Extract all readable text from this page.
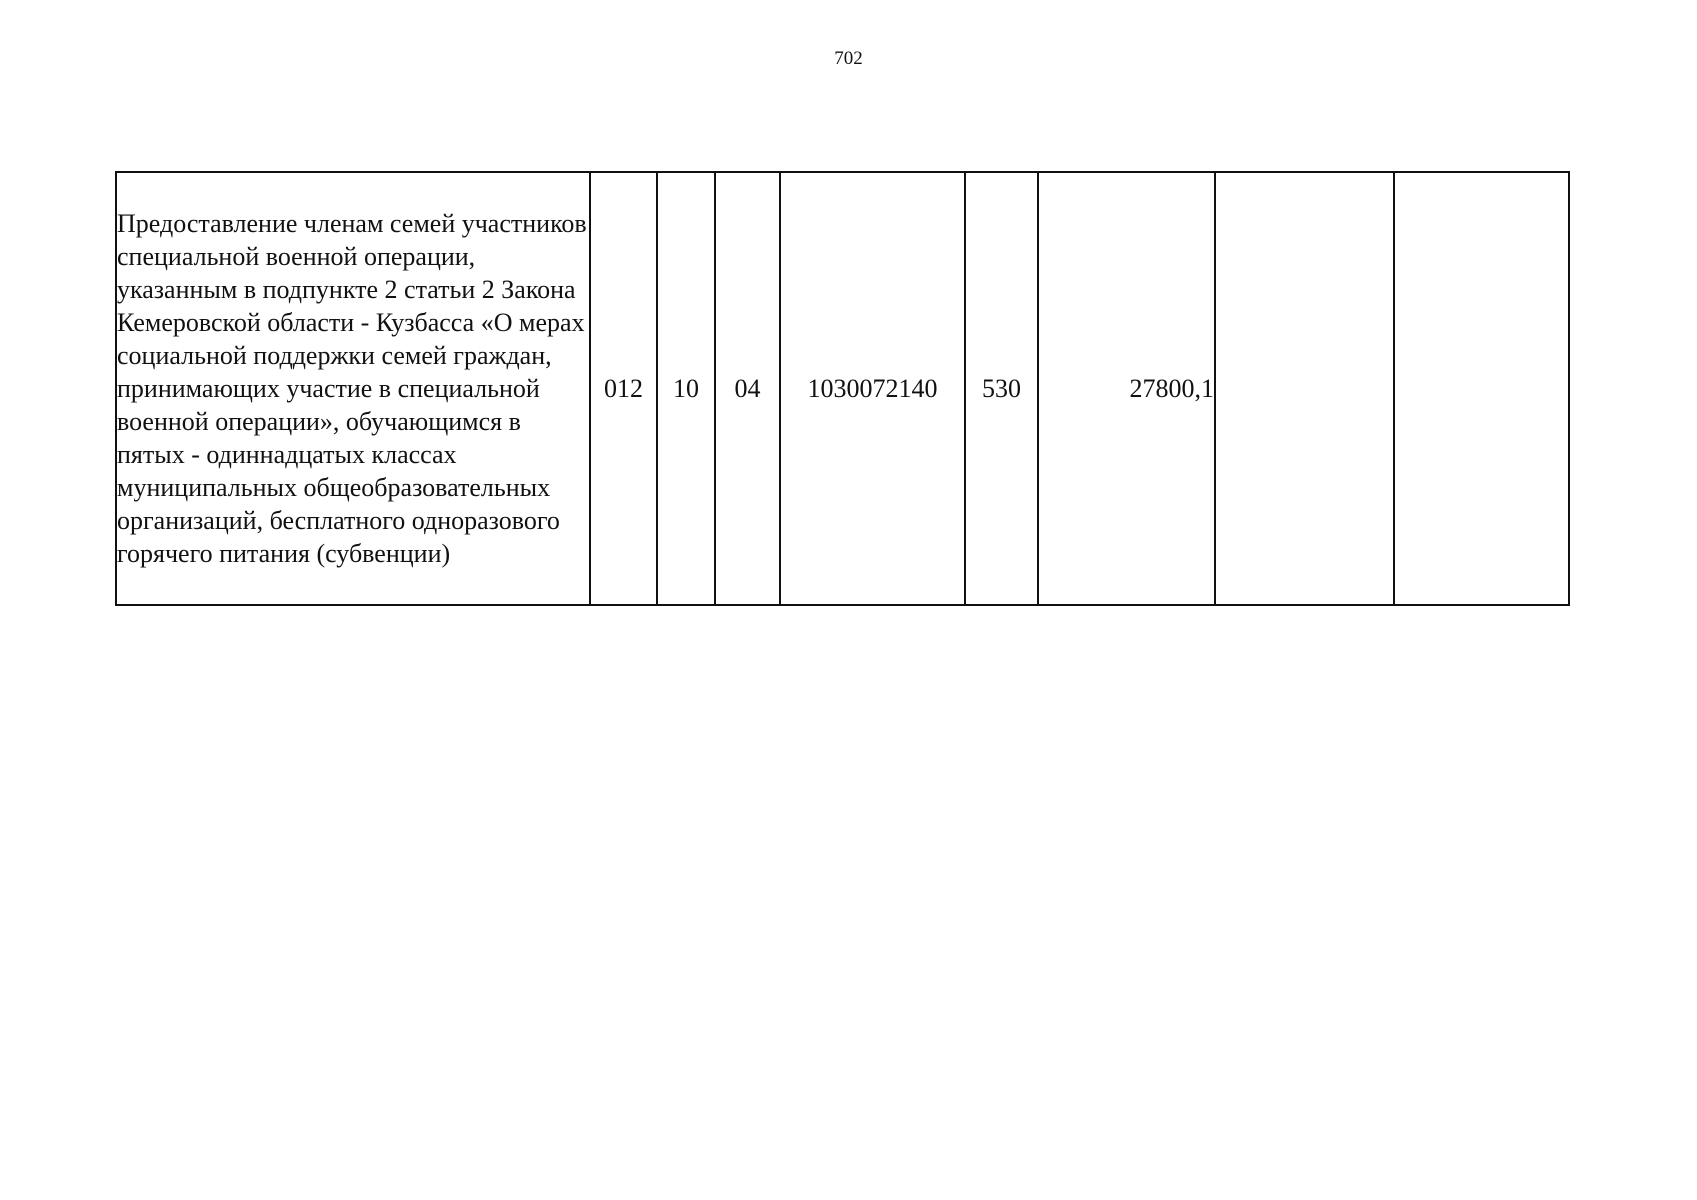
702
Предоставление членам семей участников специальной военной операции, указанным в подпункте 2 статьи 2 Закона Кемеровской области - Кузбасса «О мерах социальной поддержки семей граждан, принимающих участие в специальной военной операции», обучающимся в пятых - одиннадцатых классах муниципальных общеобразовательных организаций, бесплатного одноразового горячего питания (субвенции)	012	10	04	1030072140	530	27800,1		
